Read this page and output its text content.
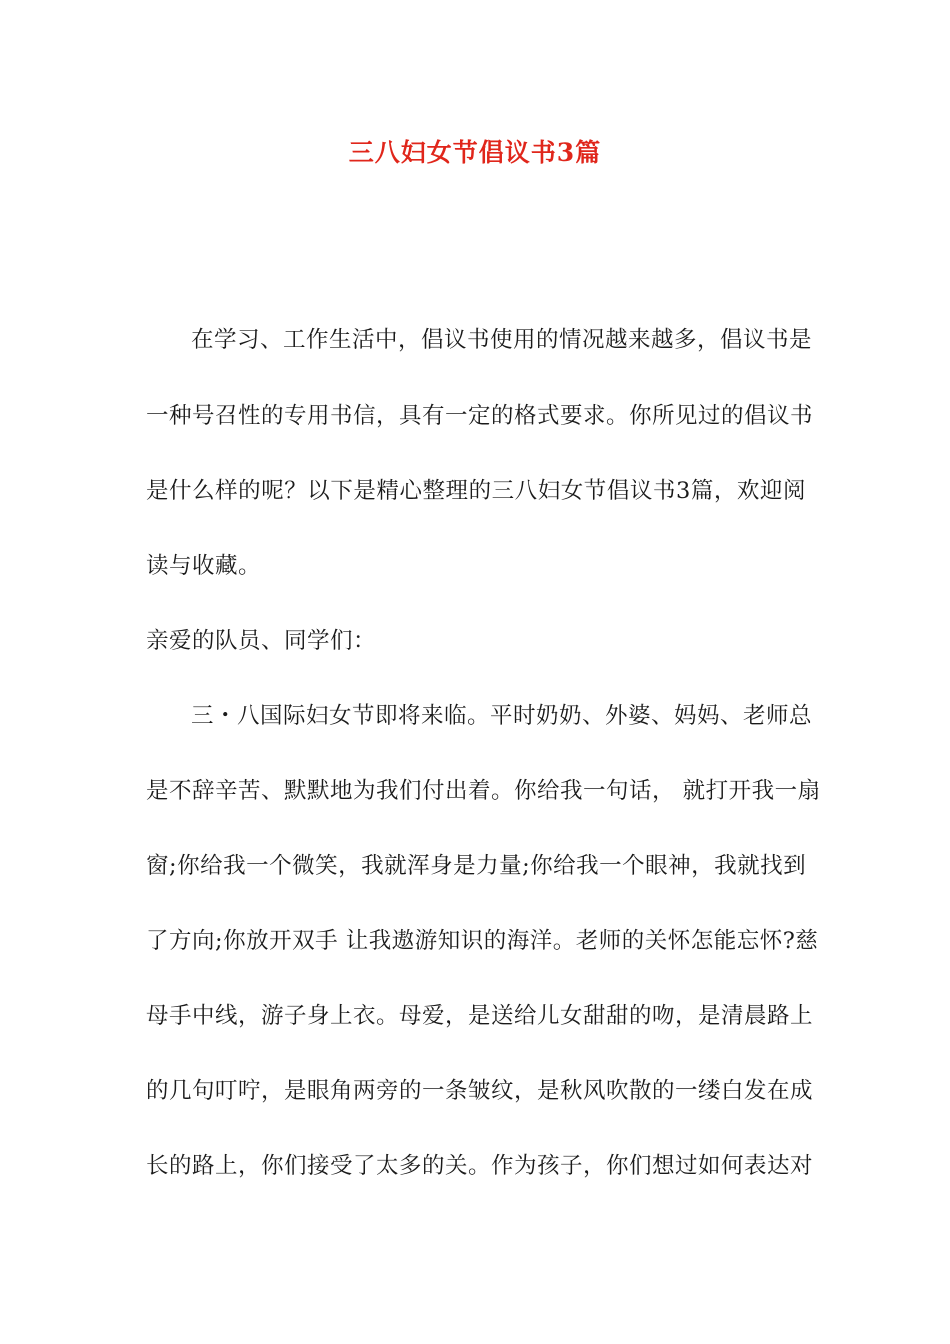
三八妇女节倡议书3篇
在学习、工作生活中，倡议书使用的情况越来越多，倡议书是
一种号召性的专用书信，具有一定的格式要求。你所见过的倡议书
是什么样的呢？以下是精心整理的三八妇女节倡议书3篇，欢迎阅
读与收藏。
亲爱的队员、同学们：
三・八国际妇女节即将来临。平时奶奶、外婆、妈妈、老师总
是不辞辛苦、默默地为我们付出着。你给我一句话， 就打开我一扇
窗;你给我一个微笑，我就浑身是力量;你给我一个眼神，我就找到
了方向;你放开双手 让我遨游知识的海洋。老师的关怀怎能忘怀?慈
母手中线，游子身上衣。母爱，是送给儿女甜甜的吻，是清晨路上
的几句叮咛，是眼角两旁的一条皱纹，是秋风吹散的一缕白发在成
长的路上，你们接受了太多的关。作为孩子，你们想过如何表达对
